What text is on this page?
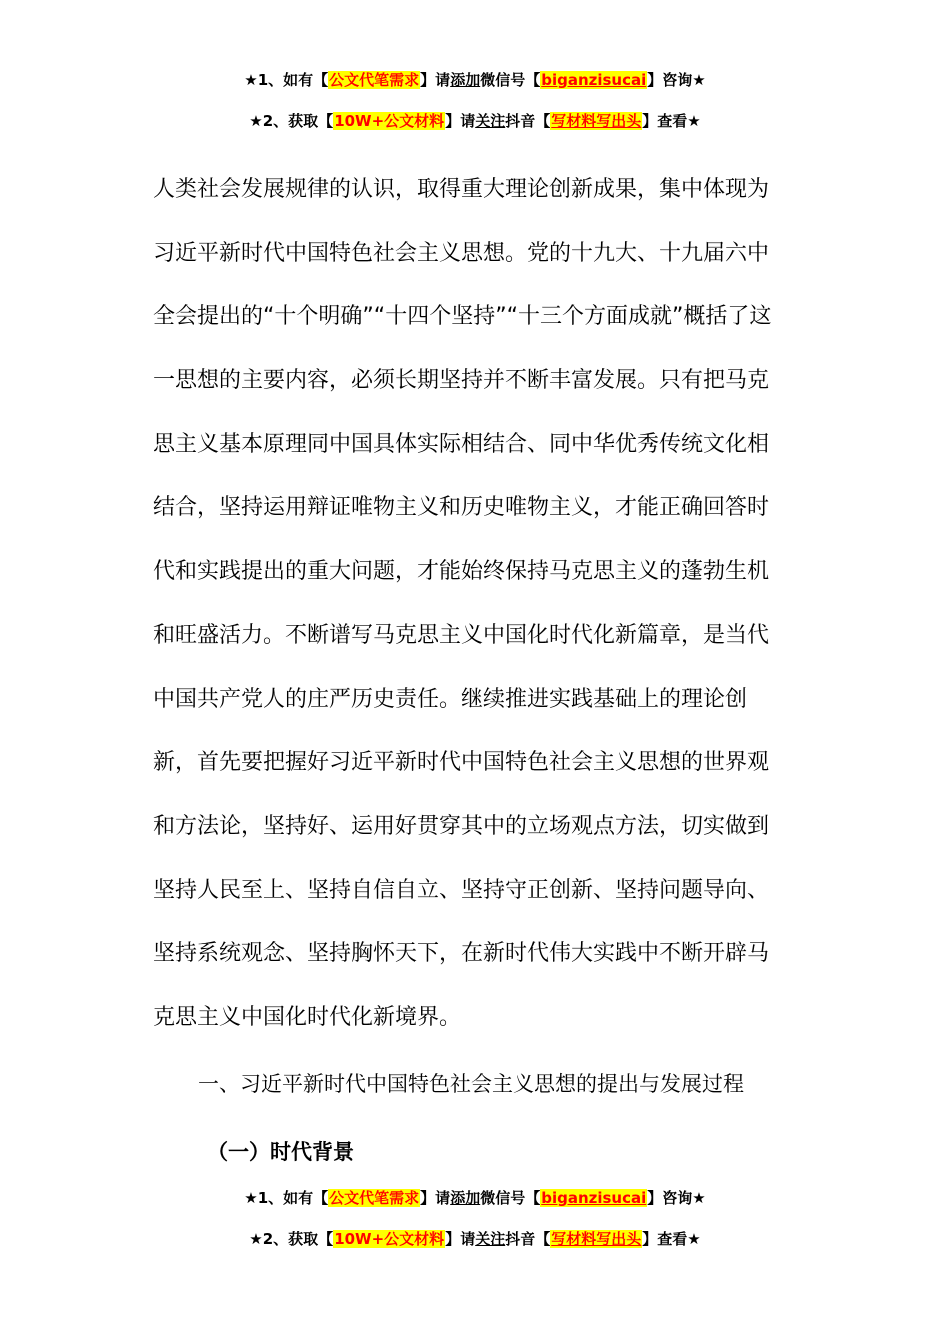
★1、如有【公文代笔需求】请添加微信号【biganzisucai】咨询★
★2、获取【10W+公文材料】请关注抖音【写材料写出头】查看★
人类社会发展规律的认识，取得重大理论创新成果，集中体现为
习近平新时代中国特色社会主义思想。党的十九大、十九届六中
全会提出的“十个明确”“十四个坚持”“十三个方面成就”概括了这
一思想的主要内容，必须长期坚持并不断丰富发展。只有把马克
思主义基本原理同中国具体实际相结合、同中华优秀传统文化相
结合，坚持运用辩证唯物主义和历史唯物主义，才能正确回答时
代和实践提出的重大问题，才能始终保持马克思主义的蓬勃生机
和旺盛活力。不断谱写马克思主义中国化时代化新篇章，是当代
中国共产党人的庄严历史责任。继续推进实践基础上的理论创
新，首先要把握好习近平新时代中国特色社会主义思想的世界观
和方法论，坚持好、运用好贯穿其中的立场观点方法，切实做到
坚持人民至上、坚持自信自立、坚持守正创新、坚持问题导向、
坚持系统观念、坚持胸怀天下，在新时代伟大实践中不断开辟马
克思主义中国化时代化新境界。
一、习近平新时代中国特色社会主义思想的提出与发展过程
（一）时代背景
★1、如有【公文代笔需求】请添加微信号【biganzisucai】咨询★
★2、获取【10W+公文材料】请关注抖音【写材料写出头】查看★
